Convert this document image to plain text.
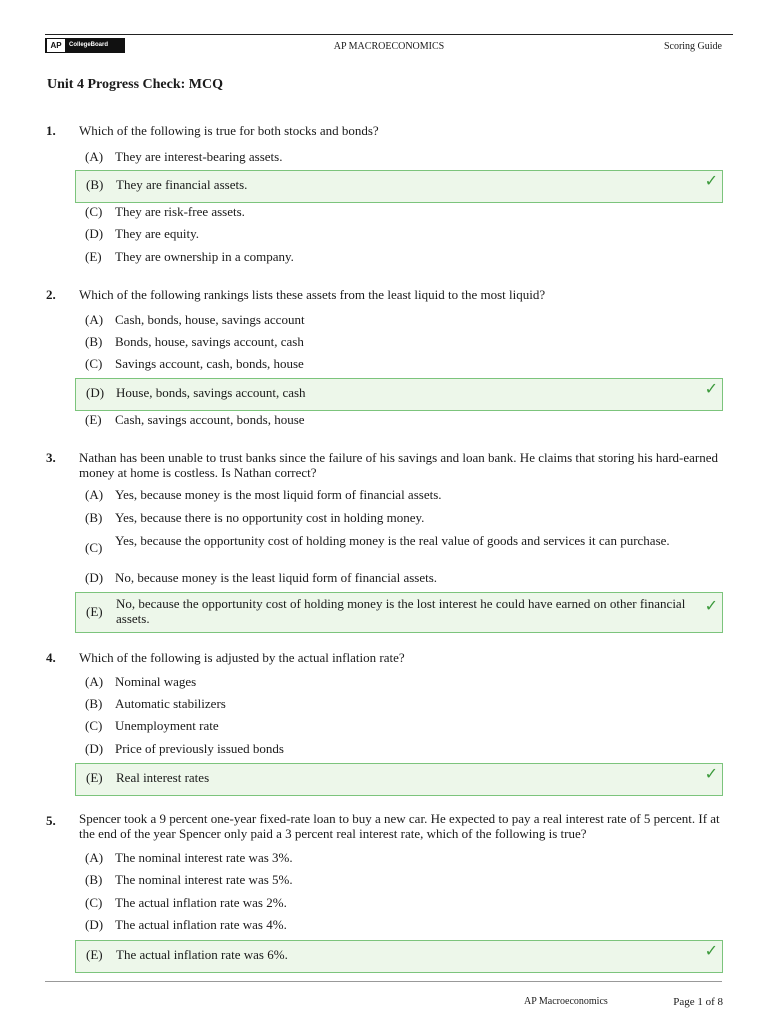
AP	CollegeBoard	AP MACROECONOMICS	Scoring Guide
Unit 4 Progress Check: MCQ
1. Which of the following is true for both stocks and bonds?
(A) They are interest-bearing assets.
(B) They are financial assets.	✓
(C) They are risk-free assets.
(D) They are equity.
(E) They are ownership in a company.
2. Which of the following rankings lists these assets from the least liquid to the most liquid?
(A) Cash, bonds, house, savings account
(B) Bonds, house, savings account, cash
(C) Savings account, cash, bonds, house
(D) House, bonds, savings account, cash	✓
(E) Cash, savings account, bonds, house
3. Nathan has been unable to trust banks since the failure of his savings and loan bank. He claims that storing his hard-earned money at home is costless. Is Nathan correct?
(A) Yes, because money is the most liquid form of financial assets.
(B) Yes, because there is no opportunity cost in holding money.
(C) Yes, because the opportunity cost of holding money is the real value of goods and services it can purchase.
(D) No, because money is the least liquid form of financial assets.
(E)
No, because the opportunity cost of holding money is the lost interest he could have earned on other financial assets.
✓
4. Which of the following is adjusted by the actual inflation rate?
(A) Nominal wages
(B) Automatic stabilizers
(C) Unemployment rate
(D) Price of previously issued bonds
(E) Real interest rates	✓
5. Spencer took a 9 percent one-year fixed-rate loan to buy a new car. He expected to pay a real interest rate of 5 percent. If at the end of the year Spencer only paid a 3 percent real interest rate, which of the following is true?
(A) The nominal interest rate was 3%.
(B) The nominal interest rate was 5%.
(C) The actual inflation rate was 2%.
(D) The actual inflation rate was 4%.
(E) The actual inflation rate was 6%.	✓
AP Macroeconomics	Page 1 of 8
